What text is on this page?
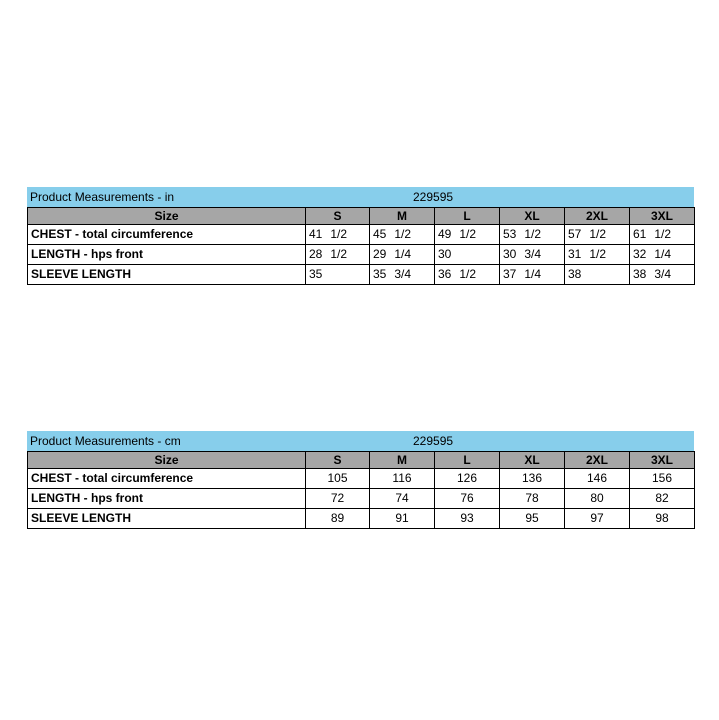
Product Measurements - in	229595
Size	S	M	L	XL	2XL	3XL
CHEST - total circumference	41 1/2	45 1/2	49 1/2	53 1/2	57 1/2	61 1/2
LENGTH - hps front	28 1/2	29 1/4	30	30 3/4	31 1/2	32 1/4
SLEEVE LENGTH	35	35 3/4	36 1/2	37 1/4	38	38 3/4
Product Measurements - cm	229595
Size	S	M	L	XL	2XL	3XL
CHEST - total circumference	105	116	126	136	146	156
LENGTH - hps front	72	74	76	78	80	82
SLEEVE LENGTH	89	91	93	95	97	98
